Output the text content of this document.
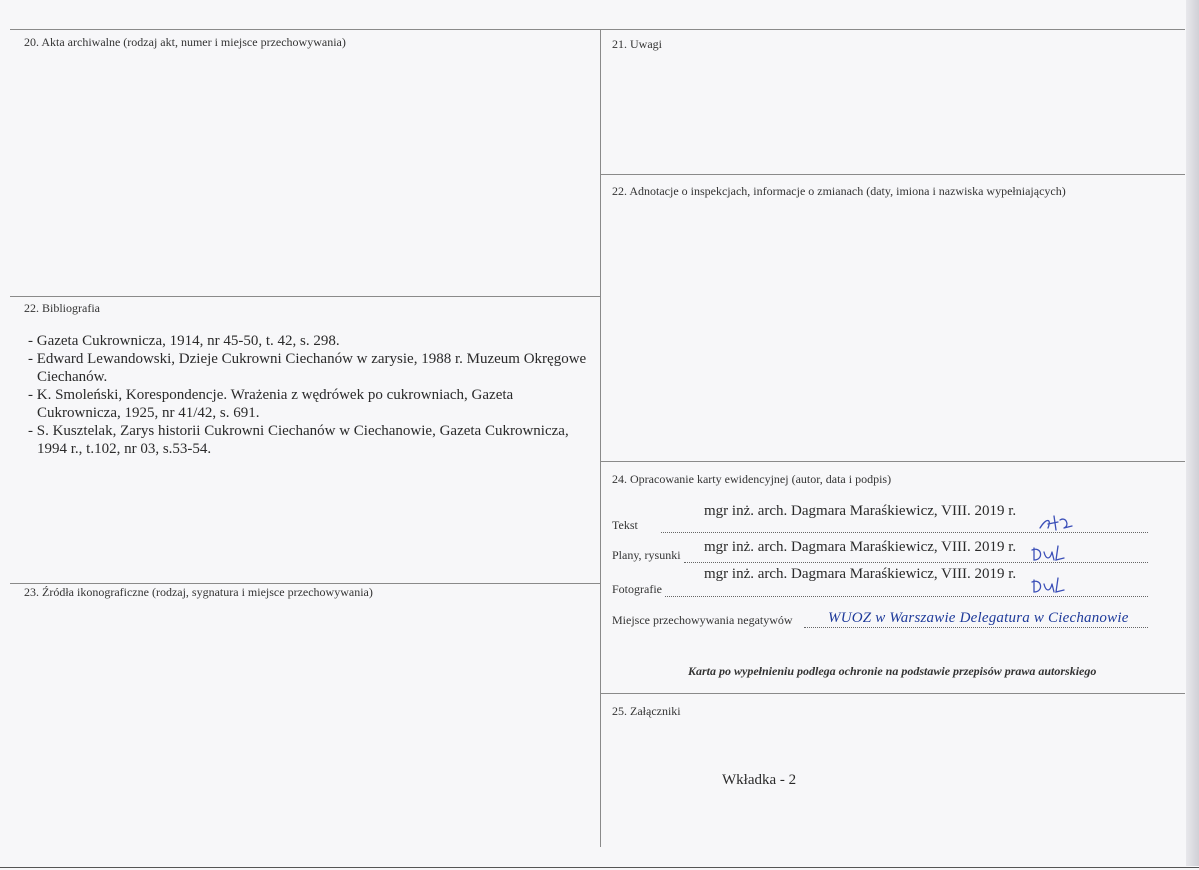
20. Akta archiwalne (rodzaj akt, numer i miejsce przechowywania)	21. Uwagi
22. Adnotacje o inspekcjach, informacje o zmianach (daty, imiona i nazwiska wypełniających)
22. Bibliografia
- Gazeta Cukrownicza, 1914, nr 45-50, t. 42, s. 298.
- Edward Lewandowski, Dzieje Cukrowni Ciechanów w zarysie, 1988 r. Muzeum Okręgowe Ciechanów.
- K. Smoleński, Korespondencje. Wrażenia z wędrówek po cukrowniach, Gazeta Cukrownicza, 1925, nr 41/42, s. 691.
- S. Kusztelak, Zarys historii Cukrowni Ciechanów w Ciechanowie, Gazeta Cukrownicza, 1994 r., t.102, nr 03, s.53-54.
23. Źródła ikonograficzne (rodzaj, sygnatura i miejsce przechowywania)
24. Opracowanie karty ewidencyjnej (autor, data i podpis)
mgr inż. arch. Dagmara Maraśkiewicz, VIII. 2019 r.
Tekst
mgr inż. arch. Dagmara Maraśkiewicz, VIII. 2019 r.
Plany, rysunki
mgr inż. arch. Dagmara Maraśkiewicz, VIII. 2019 r.
Fotografie
Miejsce przechowywania negatywów WUOZ w Warszawie Delegatura w Ciechanowie
Karta po wypełnieniu podlega ochronie na podstawie przepisów prawa autorskiego
25. Załączniki
Wkładka - 2
